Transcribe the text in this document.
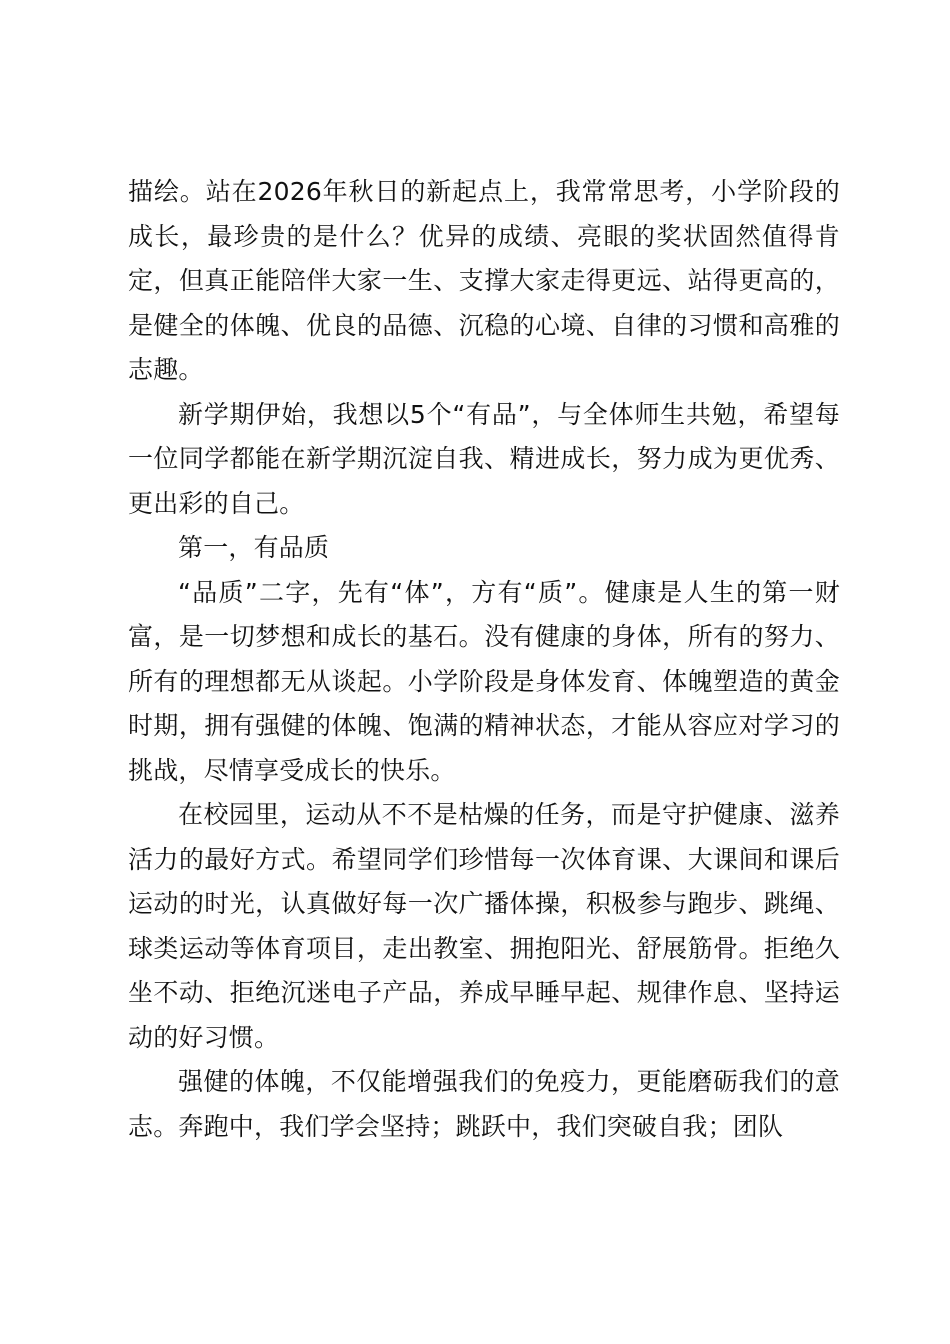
描绘。站在2026年秋日的新起点上，我常常思考，小学阶段的成长，最珍贵的是什么？优异的成绩、亮眼的奖状固然值得肯定，但真正能陪伴大家一生、支撑大家走得更远、站得更高的，是健全的体魄、优良的品德、沉稳的心境、自律的习惯和高雅的志趣。

新学期伊始，我想以5个“有品”，与全体师生共勉，希望每一位同学都能在新学期沉淀自我、精进成长，努力成为更优秀、更出彩的自己。

第一，有品质

“品质”二字，先有“体”，方有“质”。健康是人生的第一财富，是一切梦想和成长的基石。没有健康的身体，所有的努力、所有的理想都无从谈起。小学阶段是身体发育、体魄塑造的黄金时期，拥有强健的体魄、饱满的精神状态，才能从容应对学习的挑战，尽情享受成长的快乐。

在校园里，运动从不不是枯燥的任务，而是守护健康、滋养活力的最好方式。希望同学们珍惜每一次体育课、大课间和课后运动的时光，认真做好每一次广播体操，积极参与跑步、跳绳、球类运动等体育项目，走出教室、拥抱阳光、舒展筋骨。拒绝久坐不动、拒绝沉迷电子产品，养成早睡早起、规律作息、坚持运动的好习惯。

强健的体魄，不仅能增强我们的免疫力，更能磨砺我们的意志。奔跑中，我们学会坚持；跳跃中，我们突破自我；团队
